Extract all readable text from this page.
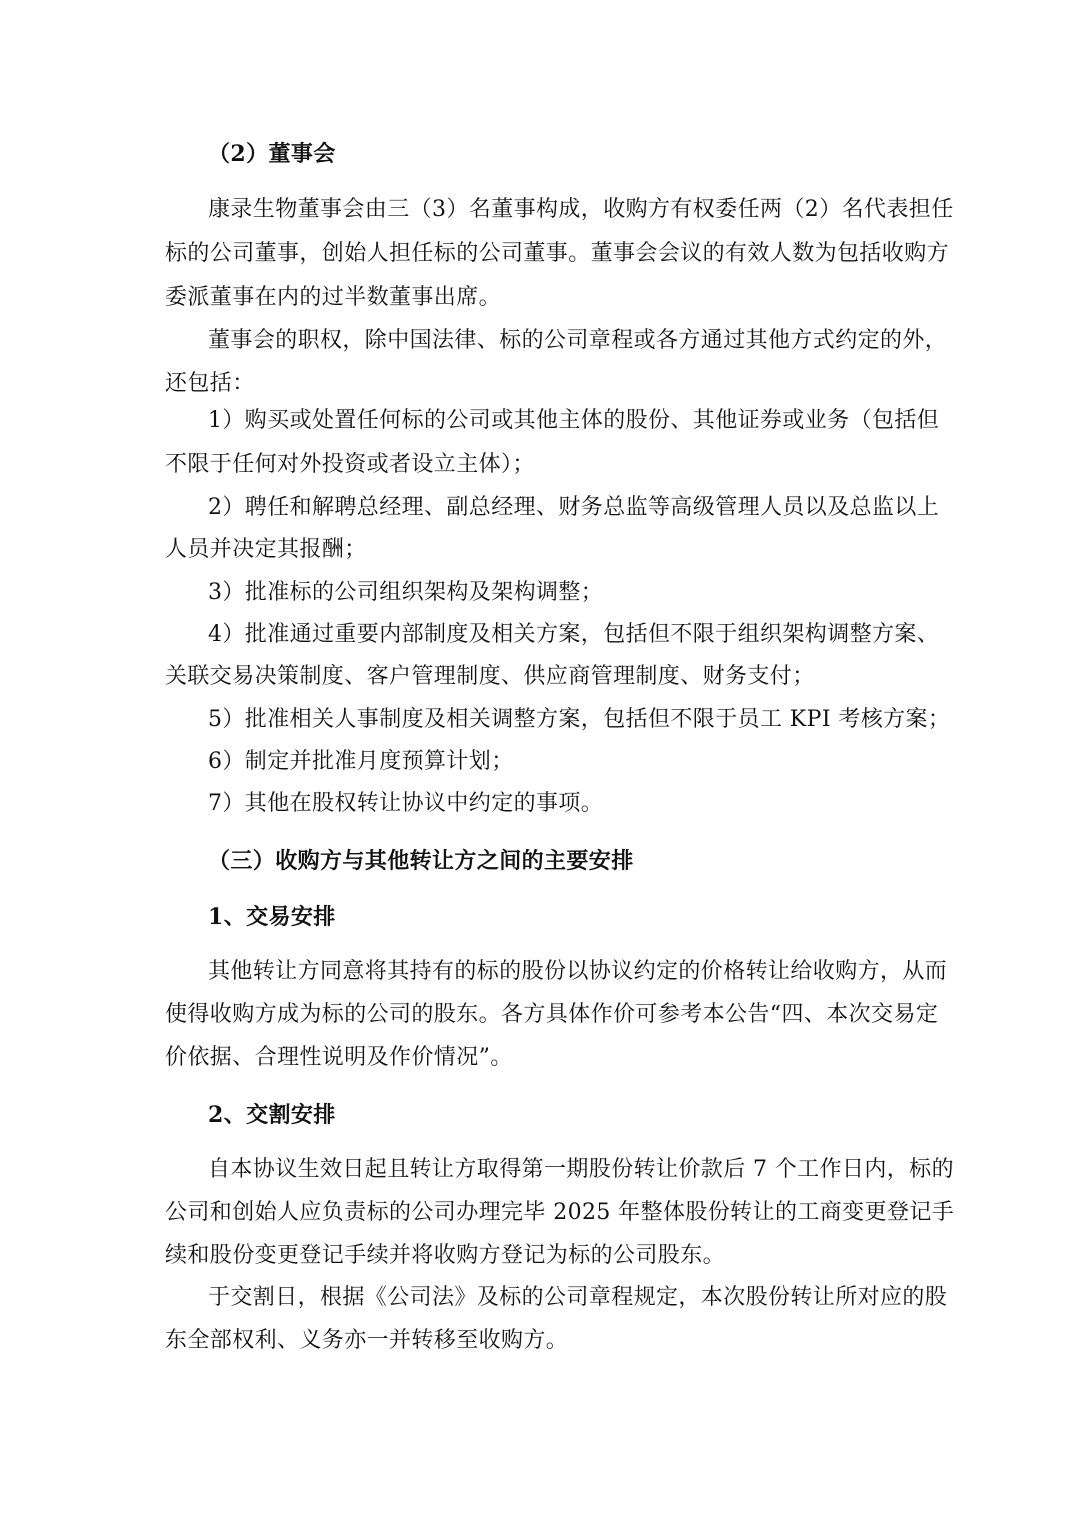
（2）董事会
康录生物董事会由三（3）名董事构成，收购方有权委任两（2）名代表担任
标的公司董事，创始人担任标的公司董事。董事会会议的有效人数为包括收购方
委派董事在内的过半数董事出席。
董事会的职权，除中国法律、标的公司章程或各方通过其他方式约定的外，
还包括：
1）购买或处置任何标的公司或其他主体的股份、其他证券或业务（包括但
不限于任何对外投资或者设立主体）；
2）聘任和解聘总经理、副总经理、财务总监等高级管理人员以及总监以上
人员并决定其报酬；
3）批准标的公司组织架构及架构调整；
4）批准通过重要内部制度及相关方案，包括但不限于组织架构调整方案、
关联交易决策制度、客户管理制度、供应商管理制度、财务支付；
5）批准相关人事制度及相关调整方案，包括但不限于员工 KPI 考核方案；
6）制定并批准月度预算计划；
7）其他在股权转让协议中约定的事项。
（三）收购方与其他转让方之间的主要安排
1、交易安排
其他转让方同意将其持有的标的股份以协议约定的价格转让给收购方，从而
使得收购方成为标的公司的股东。各方具体作价可参考本公告“四、本次交易定
价依据、合理性说明及作价情况”。
2、交割安排
自本协议生效日起且转让方取得第一期股份转让价款后 7 个工作日内，标的
公司和创始人应负责标的公司办理完毕 2025 年整体股份转让的工商变更登记手
续和股份变更登记手续并将收购方登记为标的公司股东。
于交割日，根据《公司法》及标的公司章程规定，本次股份转让所对应的股
东全部权利、义务亦一并转移至收购方。
